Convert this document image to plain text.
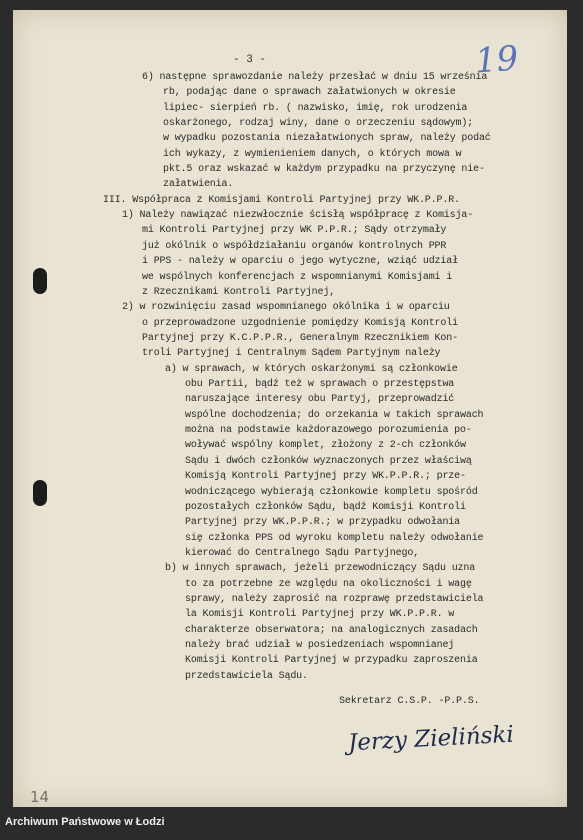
- 3 -	19
6) następne sprawozdanie należy przesłać w dniu 15 września
rb, podając dane o sprawach załatwionych w okresie
lipiec- sierpień rb. ( nazwisko, imię, rok urodzenia
oskarżonego, rodzaj winy, dane o orzeczeniu sądowym);
w wypadku pozostania niezałatwionych spraw, należy podać
ich wykazy, z wymienieniem danych, o których mowa w
pkt.5 oraz wskazać w każdym przypadku na przyczynę nie-
załatwienia.
III. Współpraca z Komisjami Kontroli Partyjnej przy WK.P.P.R.
1) Należy nawiązać niezwłocznie ścisłą współpracę z Komisja-
mi Kontroli Partyjnej przy WK P.P.R.; Sądy otrzymały
już okólnik o współdziałaniu organów kontrolnych PPR
i PPS - należy w oparciu o jego wytyczne, wziąć udział
we wspólnych konferencjach z wspomnianymi Komisjami i
z Rzecznikami Kontroli Partyjnej,
2) w rozwinięciu zasad wspomnianego okólnika i w oparciu
o przeprowadzone uzgodnienie pomiędzy Komisją Kontroli
Partyjnej przy K.C.P.P.R., Generalnym Rzecznikiem Kon-
troli Partyjnej i Centralnym Sądem Partyjnym należy
a) w sprawach, w których oskarżonymi są członkowie
obu Partii, bądź też w sprawach o przestępstwa
naruszające interesy obu Partyj, przeprowadzić
wspólne dochodzenia; do orzekania w takich sprawach
można na podstawie każdorazowego porozumienia po-
woływać wspólny komplet, złożony z 2-ch członków
Sądu i dwóch członków wyznaczonych przez właściwą
Komisją Kontroli Partyjnej przy WK.P.P.R.; prze-
wodniczącego wybierają członkowie kompletu spośród
pozostałych członków Sądu, bądź Komisji Kontroli
Partyjnej przy WK.P.P.R.; w przypadku odwołania
się członka PPS od wyroku kompletu należy odwołanie
kierować do Centralnego Sądu Partyjnego,
b) w innych sprawach, jeżeli przewodniczący Sądu uzna
to za potrzebne ze względu na okoliczności i wagę
sprawy, należy zaprosić na rozprawę przedstawiciela
la Komisji Kontroli Partyjnej przy WK.P.P.R. w
charakterze obserwatora; na analogicznych zasadach
należy brać udział w posiedzeniach wspomnianej
Komisji Kontroli Partyjnej w przypadku zaproszenia
przedstawiciela Sądu.
Sekretarz C.S.P. -P.P.S.
Jerzy Zieliński
14
Archiwum Państwowe w Łodzi
